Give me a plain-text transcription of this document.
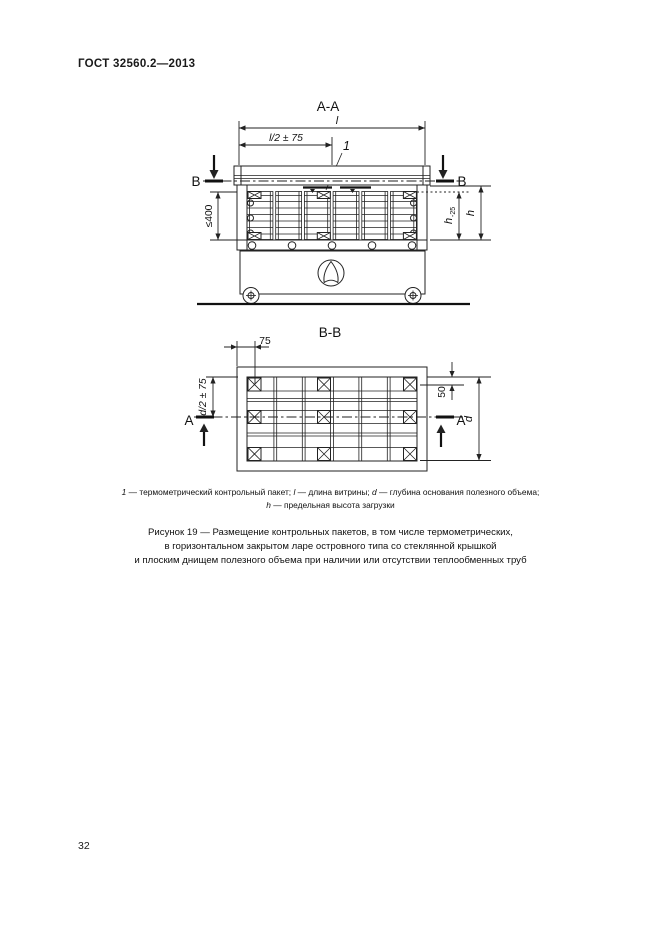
ГОСТ 32560.2—2013
А-А
l
l/2 ± 75
1
В	В
≤400	h
-25 h
В-В
75
d/2 ± 75
А	А
50
d
1 — термометрический контрольный пакет; l — длина витрины; d — глубина основания полезного объема;
h — предельная высота загрузки
Рисунок 19 — Размещение контрольных пакетов, в том числе термометрических,
в горизонтальном закрытом ларе островного типа со стеклянной крышкой
и плоским днищем полезного объема при наличии или отсутствии теплообменных труб
32
